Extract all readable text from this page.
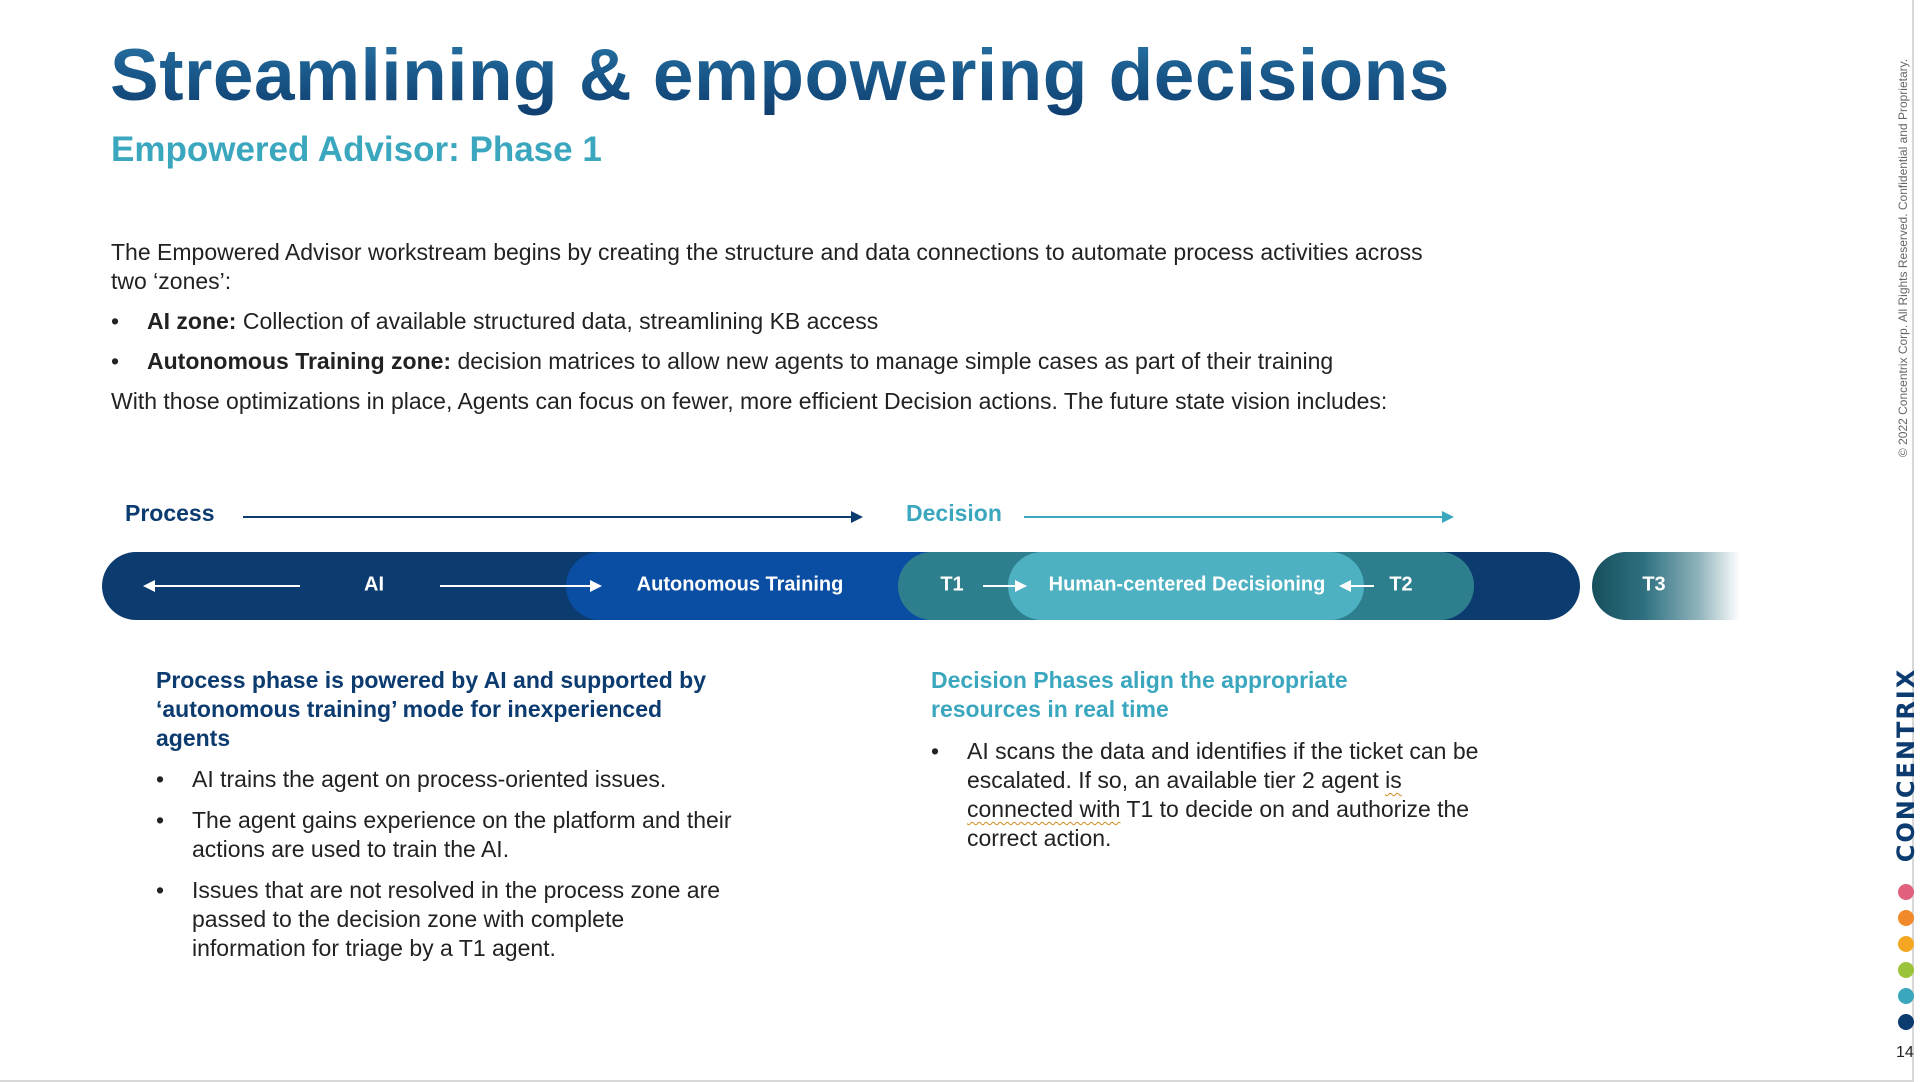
Streamlining & empowering decisions
Empowered Advisor: Phase 1

The Empowered Advisor workstream begins by creating the structure and data connections to automate process activities across two ‘zones’:

• AI zone: Collection of available structured data, streamlining KB access

• Autonomous Training zone: decision matrices to allow new agents to manage simple cases as part of their training

With those optimizations in place, Agents can focus on fewer, more efficient Decision actions. The future state vision includes:

Process	Decision
AI	Autonomous Training	T1	Human-centered Decisioning	T2	T3

Process phase is powered by AI and supported by ‘autonomous training’ mode for inexperienced agents

• AI trains the agent on process-oriented issues.
• The agent gains experience on the platform and their actions are used to train the AI.
• Issues that are not resolved in the process zone are passed to the decision zone with complete information for triage by a T1 agent.

Decision Phases align the appropriate resources in real time

• AI scans the data and identifies if the ticket can be escalated. If so, an available tier 2 agent is connected with T1 to decide on and authorize the correct action.
© 2022 Concentrix Corp. All Rights Reserved. Confidential and Proprietary.
CONCENTRIX
14
